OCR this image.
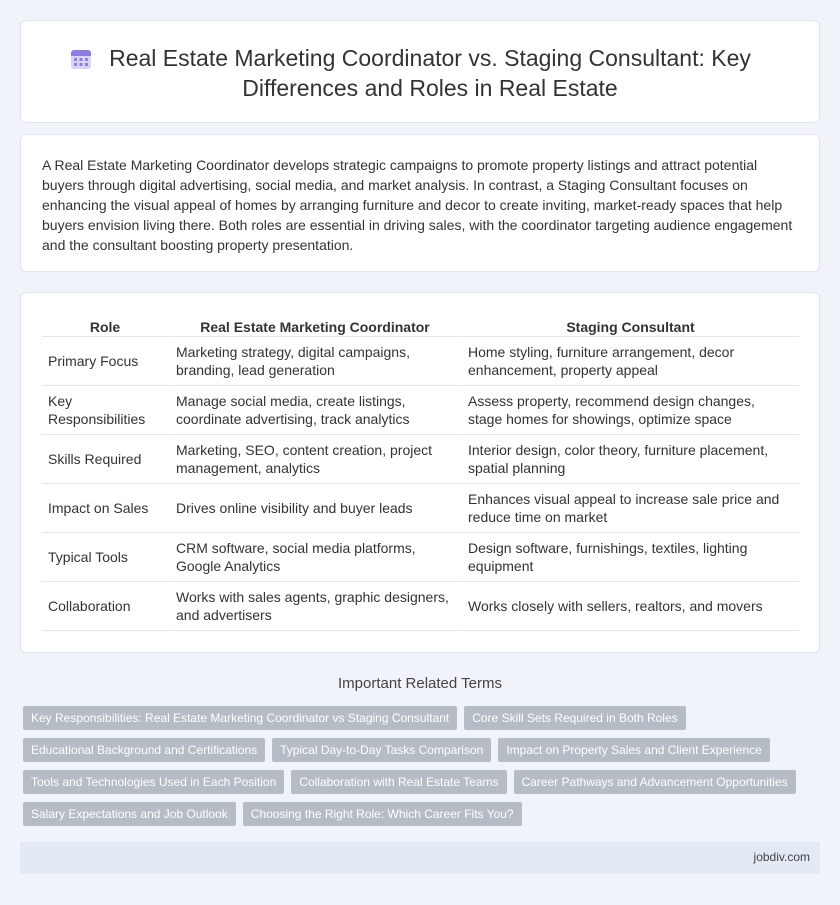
Real Estate Marketing Coordinator vs. Staging Consultant: Key Differences and Roles in Real Estate

A Real Estate Marketing Coordinator develops strategic campaigns to promote property listings and attract potential buyers through digital advertising, social media, and market analysis. In contrast, a Staging Consultant focuses on enhancing the visual appeal of homes by arranging furniture and decor to create inviting, market-ready spaces that help buyers envision living there. Both roles are essential in driving sales, with the coordinator targeting audience engagement and the consultant boosting property presentation.

Role	Real Estate Marketing Coordinator	Staging Consultant
Primary Focus	Marketing strategy, digital campaigns, branding, lead generation	Home styling, furniture arrangement, decor enhancement, property appeal
Key Responsibilities	Manage social media, create listings, coordinate advertising, track analytics	Assess property, recommend design changes, stage homes for showings, optimize space
Skills Required	Marketing, SEO, content creation, project management, analytics	Interior design, color theory, furniture placement, spatial planning
Impact on Sales	Drives online visibility and buyer leads	Enhances visual appeal to increase sale price and reduce time on market
Typical Tools	CRM software, social media platforms, Google Analytics	Design software, furnishings, textiles, lighting equipment
Collaboration	Works with sales agents, graphic designers, and advertisers	Works closely with sellers, realtors, and movers
Important Related Terms
Key Responsibilities: Real Estate Marketing Coordinator vs Staging Consultant	Core Skill Sets Required in Both Roles
Educational Background and Certifications	Typical Day-to-Day Tasks Comparison	Impact on Property Sales and Client Experience
Tools and Technologies Used in Each Position	Collaboration with Real Estate Teams	Career Pathways and Advancement Opportunities
Salary Expectations and Job Outlook	Choosing the Right Role: Which Career Fits You?
jobdiv.com
